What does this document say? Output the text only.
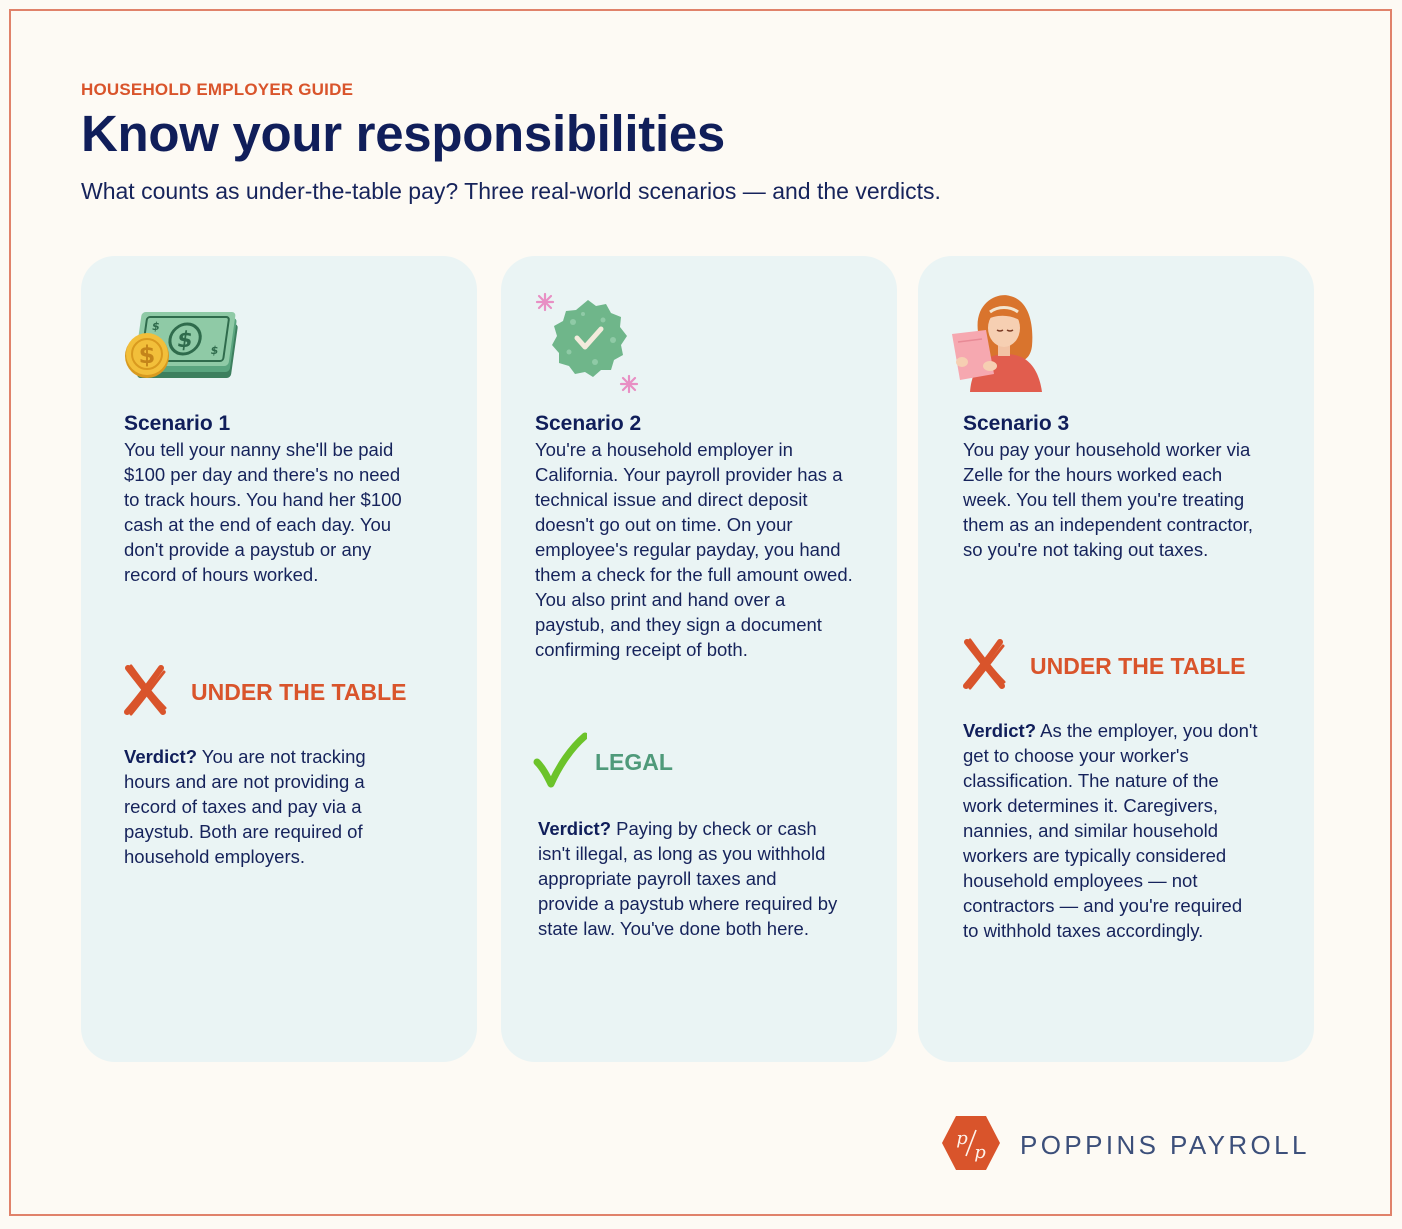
HOUSEHOLD EMPLOYER GUIDE
Know your responsibilities
What counts as under-the-table pay? Three real-world scenarios — and the verdicts.
$
$
$
$
Scenario 1
You tell your nanny she'll be paid $100 per day and there's no need to track hours. You hand her $100 cash at the end of each day. You don't provide a paystub or any record of hours worked.
UNDER THE TABLE
Verdict? You are not tracking hours and are not providing a record of taxes and pay via a paystub. Both are required of household employers.
Scenario 2
You're a household employer in California. Your payroll provider has a technical issue and direct deposit doesn't go out on time. On your employee's regular payday, you hand them a check for the full amount owed. You also print and hand over a paystub, and they sign a document confirming receipt of both.
LEGAL
Verdict? Paying by check or cash isn't illegal, as long as you withhold appropriate payroll taxes and provide a paystub where required by state law. You've done both here.
Scenario 3
You pay your household worker via Zelle for the hours worked each week. You tell them you're treating them as an independent contractor, so you're not taking out taxes.
UNDER THE TABLE
Verdict? As the employer, you don't get to choose your worker's classification. The nature of the work determines it. Caregivers, nannies, and similar household workers are typically considered household employees — not contractors — and you're required to withhold taxes accordingly.
p
p POPPINS PAYROLL
